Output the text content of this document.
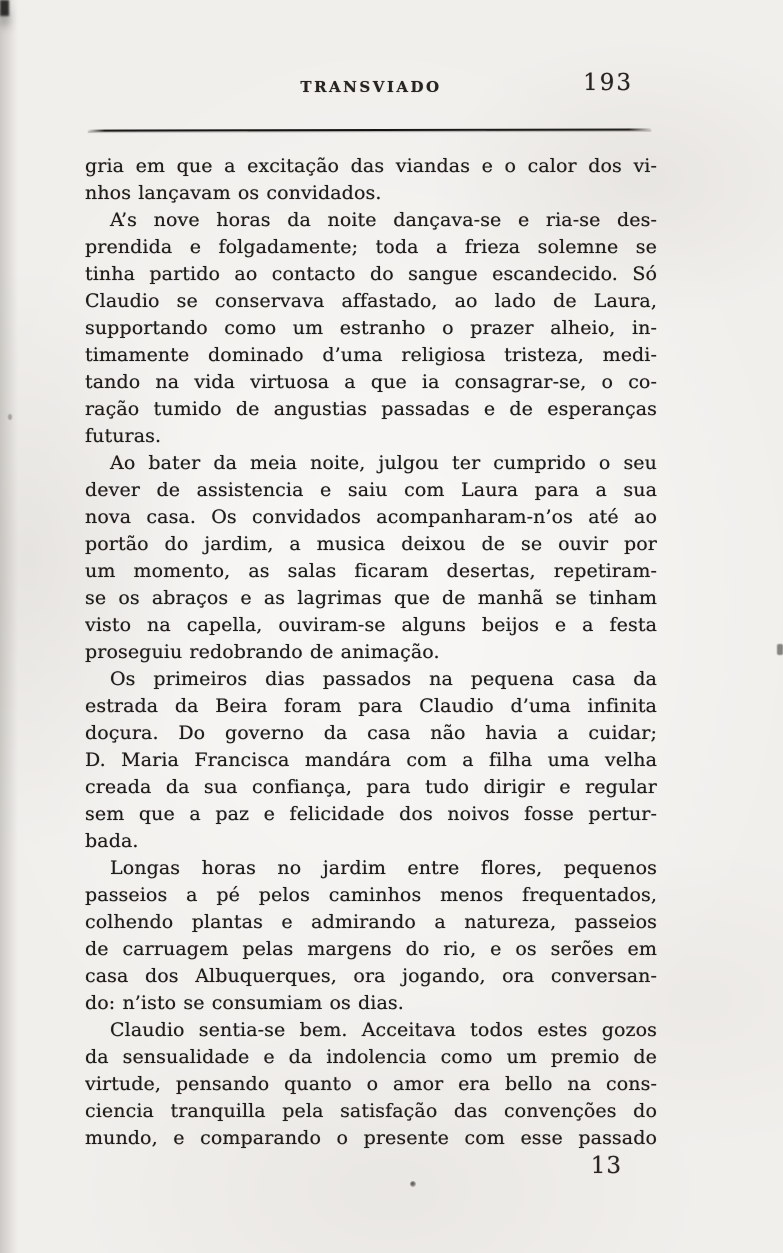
TRANSVIADO	193
gria em que a excitação das viandas e o calor dos vi-
nhos lançavam os convidados.
A’s nove horas da noite dançava-se e ria-se des-
prendida e folgadamente; toda a frieza solemne se
tinha partido ao contacto do sangue escandecido. Só
Claudio se conservava affastado, ao lado de Laura,
supportando como um estranho o prazer alheio, in-
timamente dominado d’uma religiosa tristeza, medi-
tando na vida virtuosa a que ia consagrar-se, o co-
ração tumido de angustias passadas e de esperanças
futuras.
Ao bater da meia noite, julgou ter cumprido o seu
dever de assistencia e saiu com Laura para a sua
nova casa. Os convidados acompanharam-n’os até ao
portão do jardim, a musica deixou de se ouvir por
um momento, as salas ficaram desertas, repetiram-
se os abraços e as lagrimas que de manhã se tinham
visto na capella, ouviram-se alguns beijos e a festa
proseguiu redobrando de animação.
Os primeiros dias passados na pequena casa da
estrada da Beira foram para Claudio d’uma infinita
doçura. Do governo da casa não havia a cuidar;
D. Maria Francisca mandára com a filha uma velha
creada da sua confiança, para tudo dirigir e regular
sem que a paz e felicidade dos noivos fosse pertur-
bada.
Longas horas no jardim entre flores, pequenos
passeios a pé pelos caminhos menos frequentados,
colhendo plantas e admirando a natureza, passeios
de carruagem pelas margens do rio, e os serões em
casa dos Albuquerques, ora jogando, ora conversan-
do: n’isto se consumiam os dias.
Claudio sentia-se bem. Acceitava todos estes gozos
da sensualidade e da indolencia como um premio de
virtude, pensando quanto o amor era bello na cons-
ciencia tranquilla pela satisfação das convenções do
mundo, e comparando o presente com esse passado
13
